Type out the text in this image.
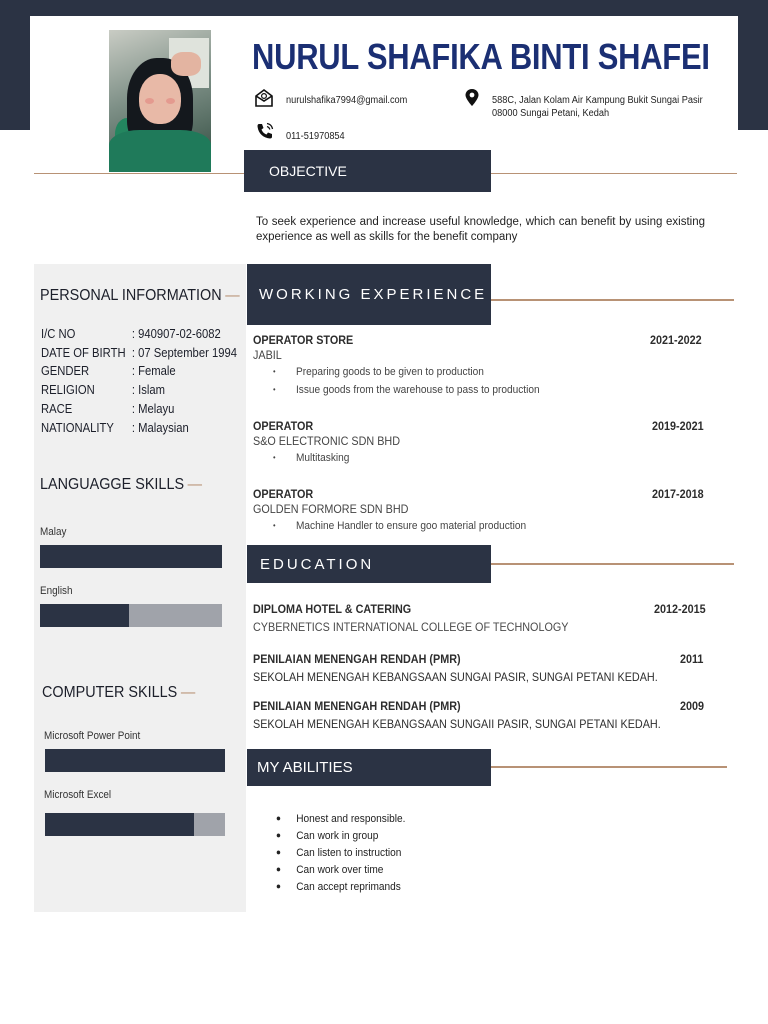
NURUL SHAFIKA BINTI SHAFEI
nurulshafika7994@gmail.com	588C, Jalan Kolam Air Kampung Bukit Sungai Pasir
08000 Sungai Petani, Kedah
011-51970854
OBJECTIVE
To seek experience and increase useful knowledge, which can benefit by using existing experience as well as skills for the benefit company
PERSONAL INFORMATION —
I/C NO	: 940907-02-6082
DATE OF BIRTH : 07 September 1994
GENDER	: Female
RELIGION	: Islam
RACE	: Melayu
NATIONALITY : Malaysian
LANGUAGGE SKILLS —
Malay
English
COMPUTER SKILLS —
Microsoft Power Point
Microsoft Excel
WORKING EXPERIENCE
OPERATOR STORE	2021-2022
JABIL
• Preparing goods to be given to production
• Issue goods from the warehouse to pass to production
OPERATOR	2019-2021
S&O ELECTRONIC SDN BHD
• Multitasking
OPERATOR	2017-2018
GOLDEN FORMORE SDN BHD
• Machine Handler to ensure goo material production
EDUCATION
DIPLOMA HOTEL & CATERING	2012-2015
CYBERNETICS INTERNATIONAL COLLEGE OF TECHNOLOGY
PENILAIAN MENENGAH RENDAH (PMR)	2011
SEKOLAH MENENGAH KEBANGSAAN SUNGAI PASIR, SUNGAI PETANI KEDAH.
PENILAIAN MENENGAH RENDAH (PMR)	2009
SEKOLAH MENENGAH KEBANGSAAN SUNGAII PASIR, SUNGAI PETANI KEDAH.
MY ABILITIES
● Honest and responsible.
● Can work in group
● Can listen to instruction
● Can work over time
● Can accept reprimands
